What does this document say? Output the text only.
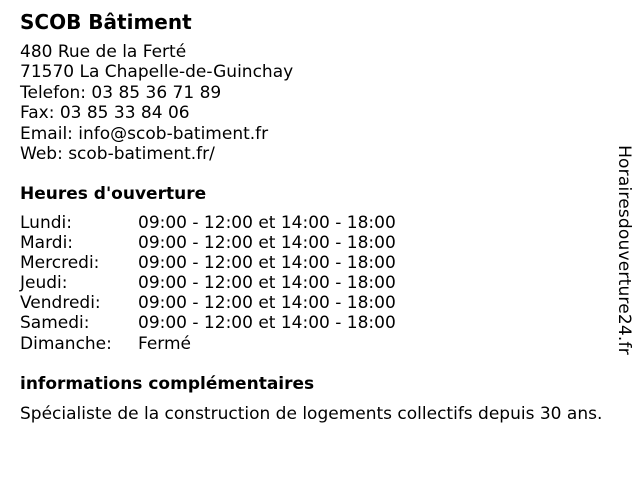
SCOB Bâtiment
480 Rue de la Ferté
71570 La Chapelle-de-Guinchay
Telefon: 03 85 36 71 89
Fax: 03 85 33 84 06
Email: info@scob-batiment.fr
Web: scob-batiment.fr/
Heures d'ouverture
Lundi:	09:00 - 12:00 et 14:00 - 18:00
Mardi:	09:00 - 12:00 et 14:00 - 18:00
Mercredi: 09:00 - 12:00 et 14:00 - 18:00
Jeudi:	09:00 - 12:00 et 14:00 - 18:00
Vendredi: 09:00 - 12:00 et 14:00 - 18:00
Samedi:	09:00 - 12:00 et 14:00 - 18:00
Dimanche: Fermé
informations complémentaires
Spécialiste de la construction de logements collectifs depuis 30 ans.
Horairesdouverture24.fr
